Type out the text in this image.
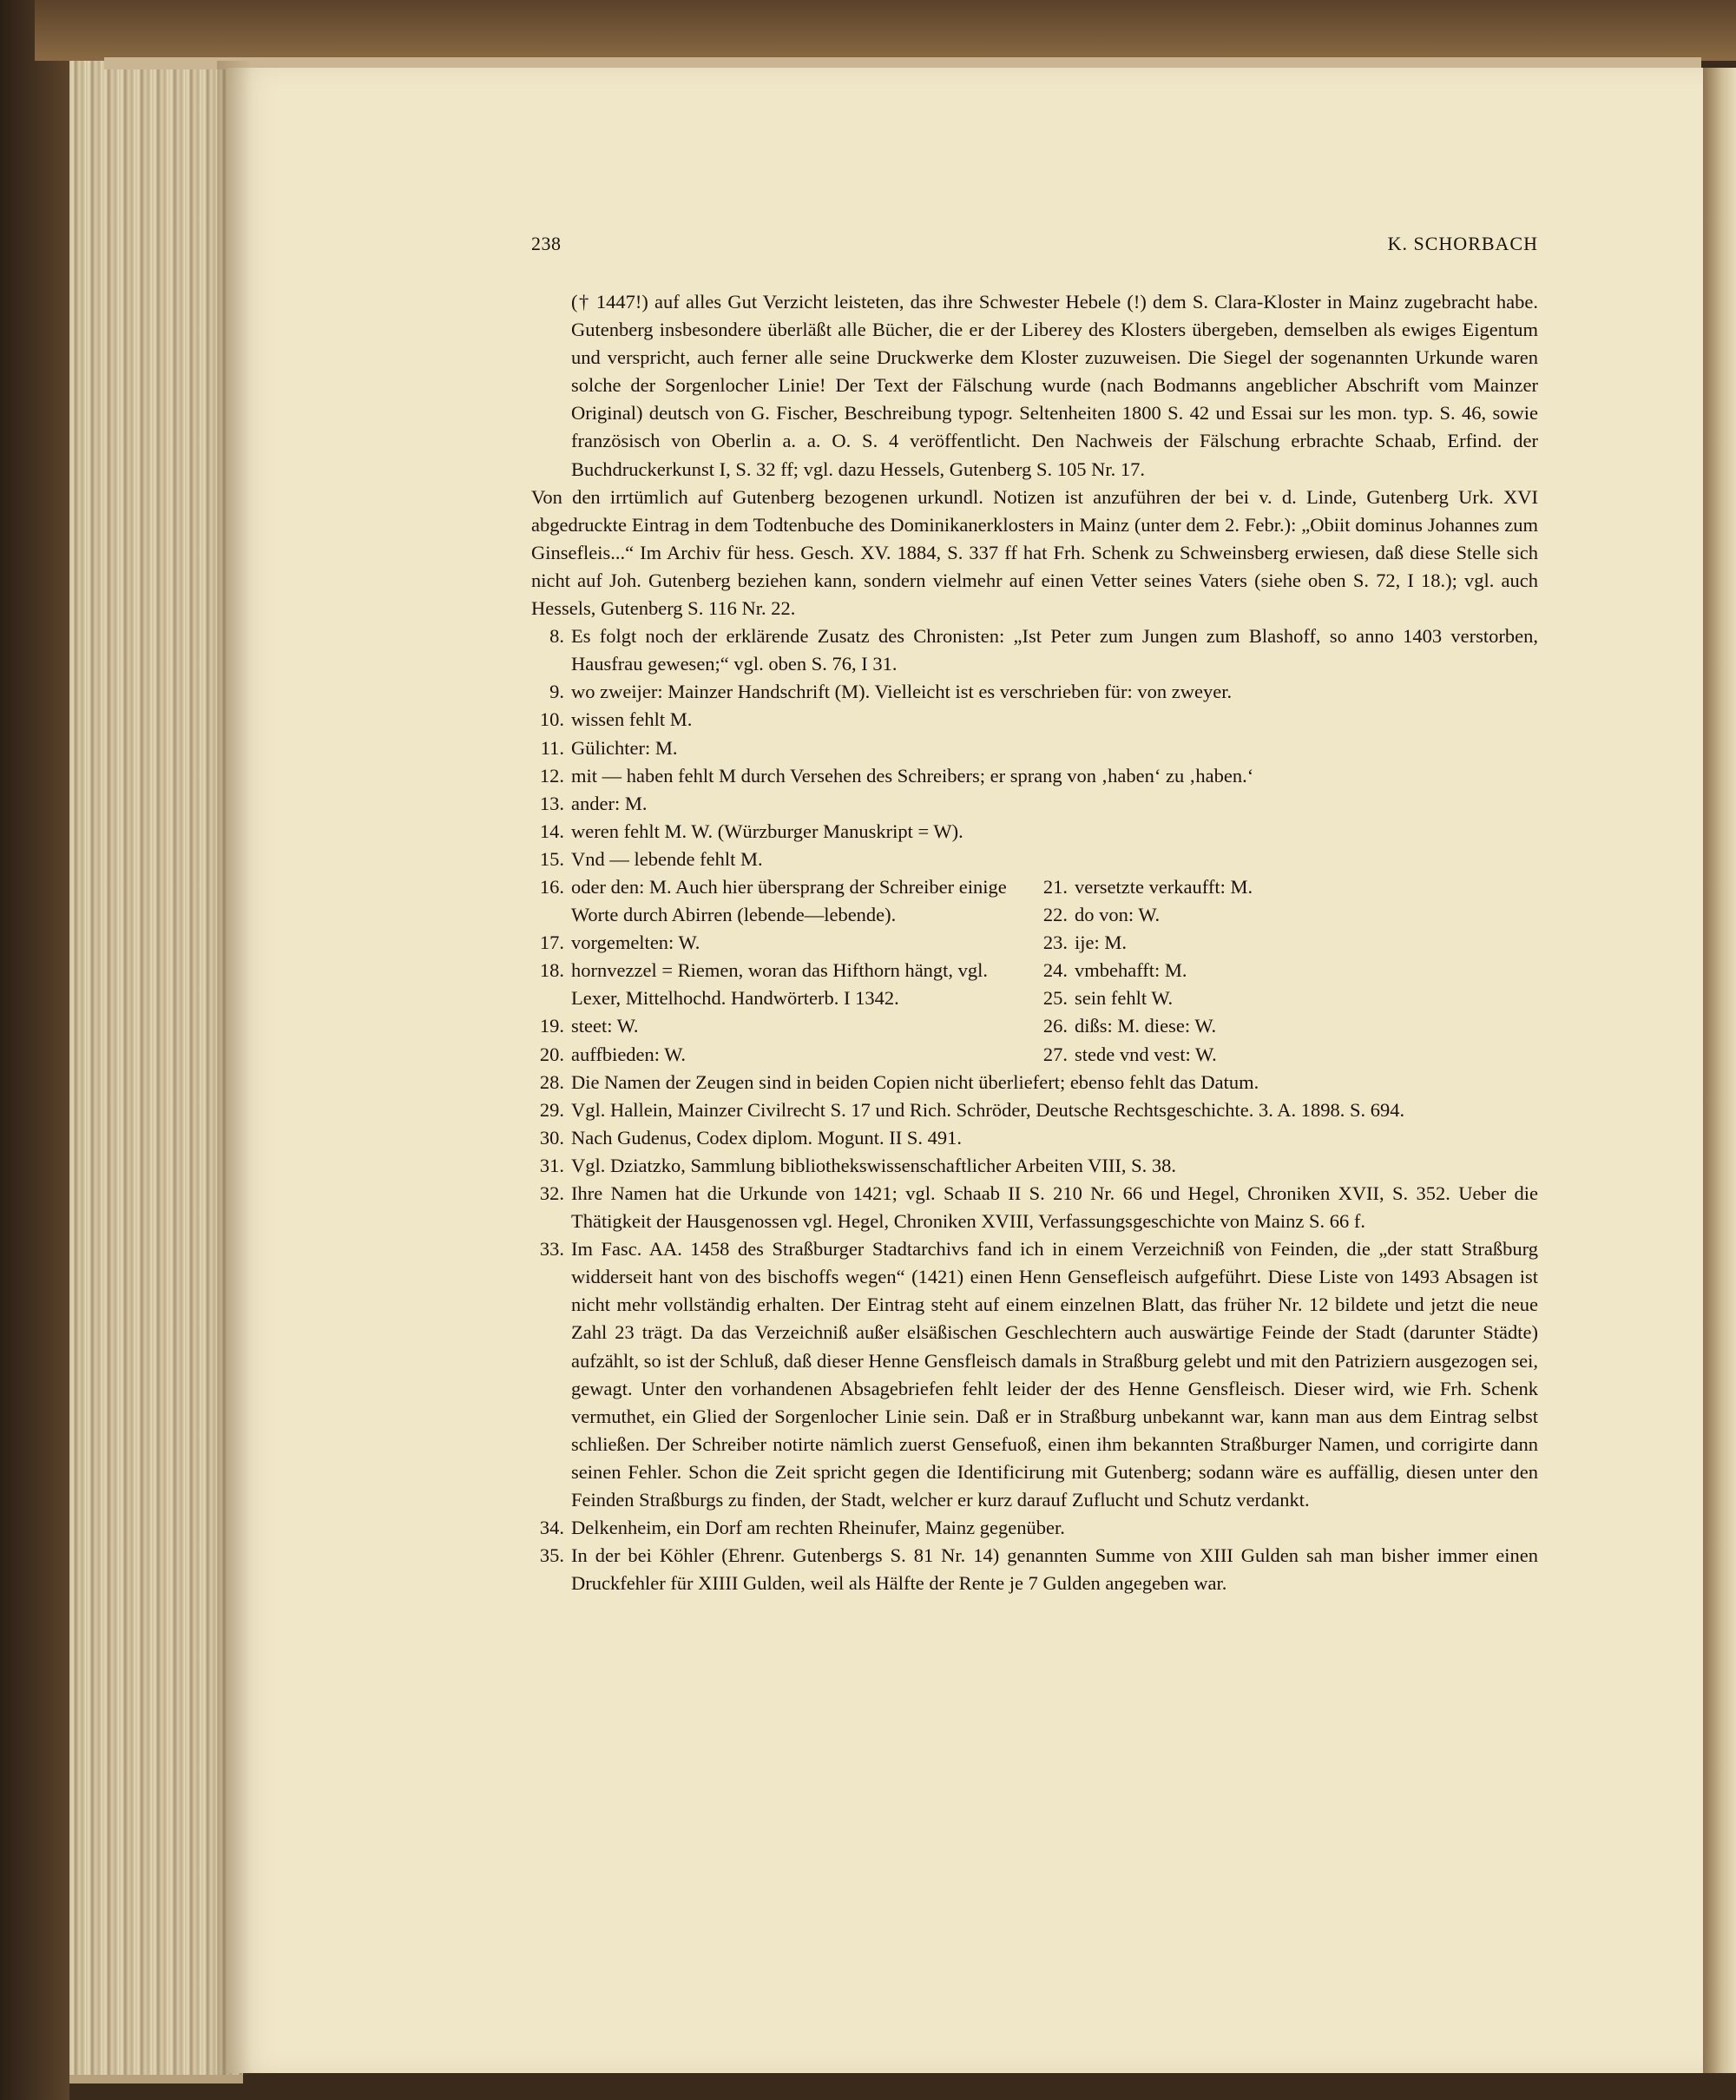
238	K. SCHORBACH
(† 1447!) auf alles Gut Verzicht leisteten, das ihre Schwester Hebele (!) dem S. Clara-Kloster in Mainz zugebracht habe. Gutenberg insbesondere überläßt alle Bücher, die er der Liberey des Klosters übergeben, demselben als ewiges Eigentum und verspricht, auch ferner alle seine Druckwerke dem Kloster zuzuweisen. Die Siegel der sogenannten Urkunde waren solche der Sorgenlocher Linie! Der Text der Fälschung wurde (nach Bodmanns angeblicher Abschrift vom Mainzer Original) deutsch von G. Fischer, Beschreibung typogr. Seltenheiten 1800 S. 42 und Essai sur les mon. typ. S. 46, sowie französisch von Oberlin a. a. O. S. 4 veröffentlicht. Den Nachweis der Fälschung erbrachte Schaab, Erfind. der Buchdruckerkunst I, S. 32 ff; vgl. dazu Hessels, Gutenberg S. 105 Nr. 17.
Von den irrtümlich auf Gutenberg bezogenen urkundl. Notizen ist anzuführen der bei v. d. Linde, Gutenberg Urk. XVI abgedruckte Eintrag in dem Todtenbuche des Dominikanerklosters in Mainz (unter dem 2. Febr.): „Obiit dominus Johannes zum Ginsefleis...“ Im Archiv für hess. Gesch. XV. 1884, S. 337 ff hat Frh. Schenk zu Schweinsberg erwiesen, daß diese Stelle sich nicht auf Joh. Gutenberg beziehen kann, sondern vielmehr auf einen Vetter seines Vaters (siehe oben S. 72, I 18.); vgl. auch Hessels, Gutenberg S. 116 Nr. 22.
8. Es folgt noch der erklärende Zusatz des Chronisten: „Ist Peter zum Jungen zum Blashoff, so anno 1403 verstorben, Hausfrau gewesen;“ vgl. oben S. 76, I 31.
9. wo zweijer: Mainzer Handschrift (M). Vielleicht ist es verschrieben für: von zweyer.
10. wissen fehlt M.
11. Gülichter: M.
12. mit — haben fehlt M durch Versehen des Schreibers; er sprang von ‚haben‘ zu ‚haben.‘
13. ander: M.
14. weren fehlt M. W. (Würzburger Manuskript = W).
15. Vnd — lebende fehlt M.
16. oder den: M. Auch hier übersprang der Schreiber einige Worte durch Abirren (lebende—lebende).
17. vorgemelten: W.
18. hornvezzel = Riemen, woran das Hifthorn hängt, vgl. Lexer, Mittelhochd. Handwörterb. I 1342.
19. steet: W.
20. auffbieden: W.
21. versetzte verkaufft: M.
22. do von: W.
23. ije: M.
24. vmbehafft: M.
25. sein fehlt W.
26. dißs: M. diese: W.
27. stede vnd vest: W.
28. Die Namen der Zeugen sind in beiden Copien nicht überliefert; ebenso fehlt das Datum.
29. Vgl. Hallein, Mainzer Civilrecht S. 17 und Rich. Schröder, Deutsche Rechtsgeschichte. 3. A. 1898. S. 694.
30. Nach Gudenus, Codex diplom. Mogunt. II S. 491.
31. Vgl. Dziatzko, Sammlung bibliothekswissenschaftlicher Arbeiten VIII, S. 38.
32. Ihre Namen hat die Urkunde von 1421; vgl. Schaab II S. 210 Nr. 66 und Hegel, Chroniken XVII, S. 352. Ueber die Thätigkeit der Hausgenossen vgl. Hegel, Chroniken XVIII, Verfassungsgeschichte von Mainz S. 66 f.
33. Im Fasc. AA. 1458 des Straßburger Stadtarchivs fand ich in einem Verzeichniß von Feinden, die „der statt Straßburg widderseit hant von des bischoffs wegen“ (1421) einen Henn Gensefleisch aufgeführt. Diese Liste von 1493 Absagen ist nicht mehr vollständig erhalten. Der Eintrag steht auf einem einzelnen Blatt, das früher Nr. 12 bildete und jetzt die neue Zahl 23 trägt. Da das Verzeichniß außer elsäßischen Geschlechtern auch auswärtige Feinde der Stadt (darunter Städte) aufzählt, so ist der Schluß, daß dieser Henne Gensfleisch damals in Straßburg gelebt und mit den Patriziern ausgezogen sei, gewagt. Unter den vorhandenen Absagebriefen fehlt leider der des Henne Gensfleisch. Dieser wird, wie Frh. Schenk vermuthet, ein Glied der Sorgenlocher Linie sein. Daß er in Straßburg unbekannt war, kann man aus dem Eintrag selbst schließen. Der Schreiber notirte nämlich zuerst Gensefuoß, einen ihm bekannten Straßburger Namen, und corrigirte dann seinen Fehler. Schon die Zeit spricht gegen die Identificirung mit Gutenberg; sodann wäre es auffällig, diesen unter den Feinden Straßburgs zu finden, der Stadt, welcher er kurz darauf Zuflucht und Schutz verdankt.
34. Delkenheim, ein Dorf am rechten Rheinufer, Mainz gegenüber.
35. In der bei Köhler (Ehrenr. Gutenbergs S. 81 Nr. 14) genannten Summe von XIII Gulden sah man bisher immer einen Druckfehler für XIIII Gulden, weil als Hälfte der Rente je 7 Gulden angegeben war.
